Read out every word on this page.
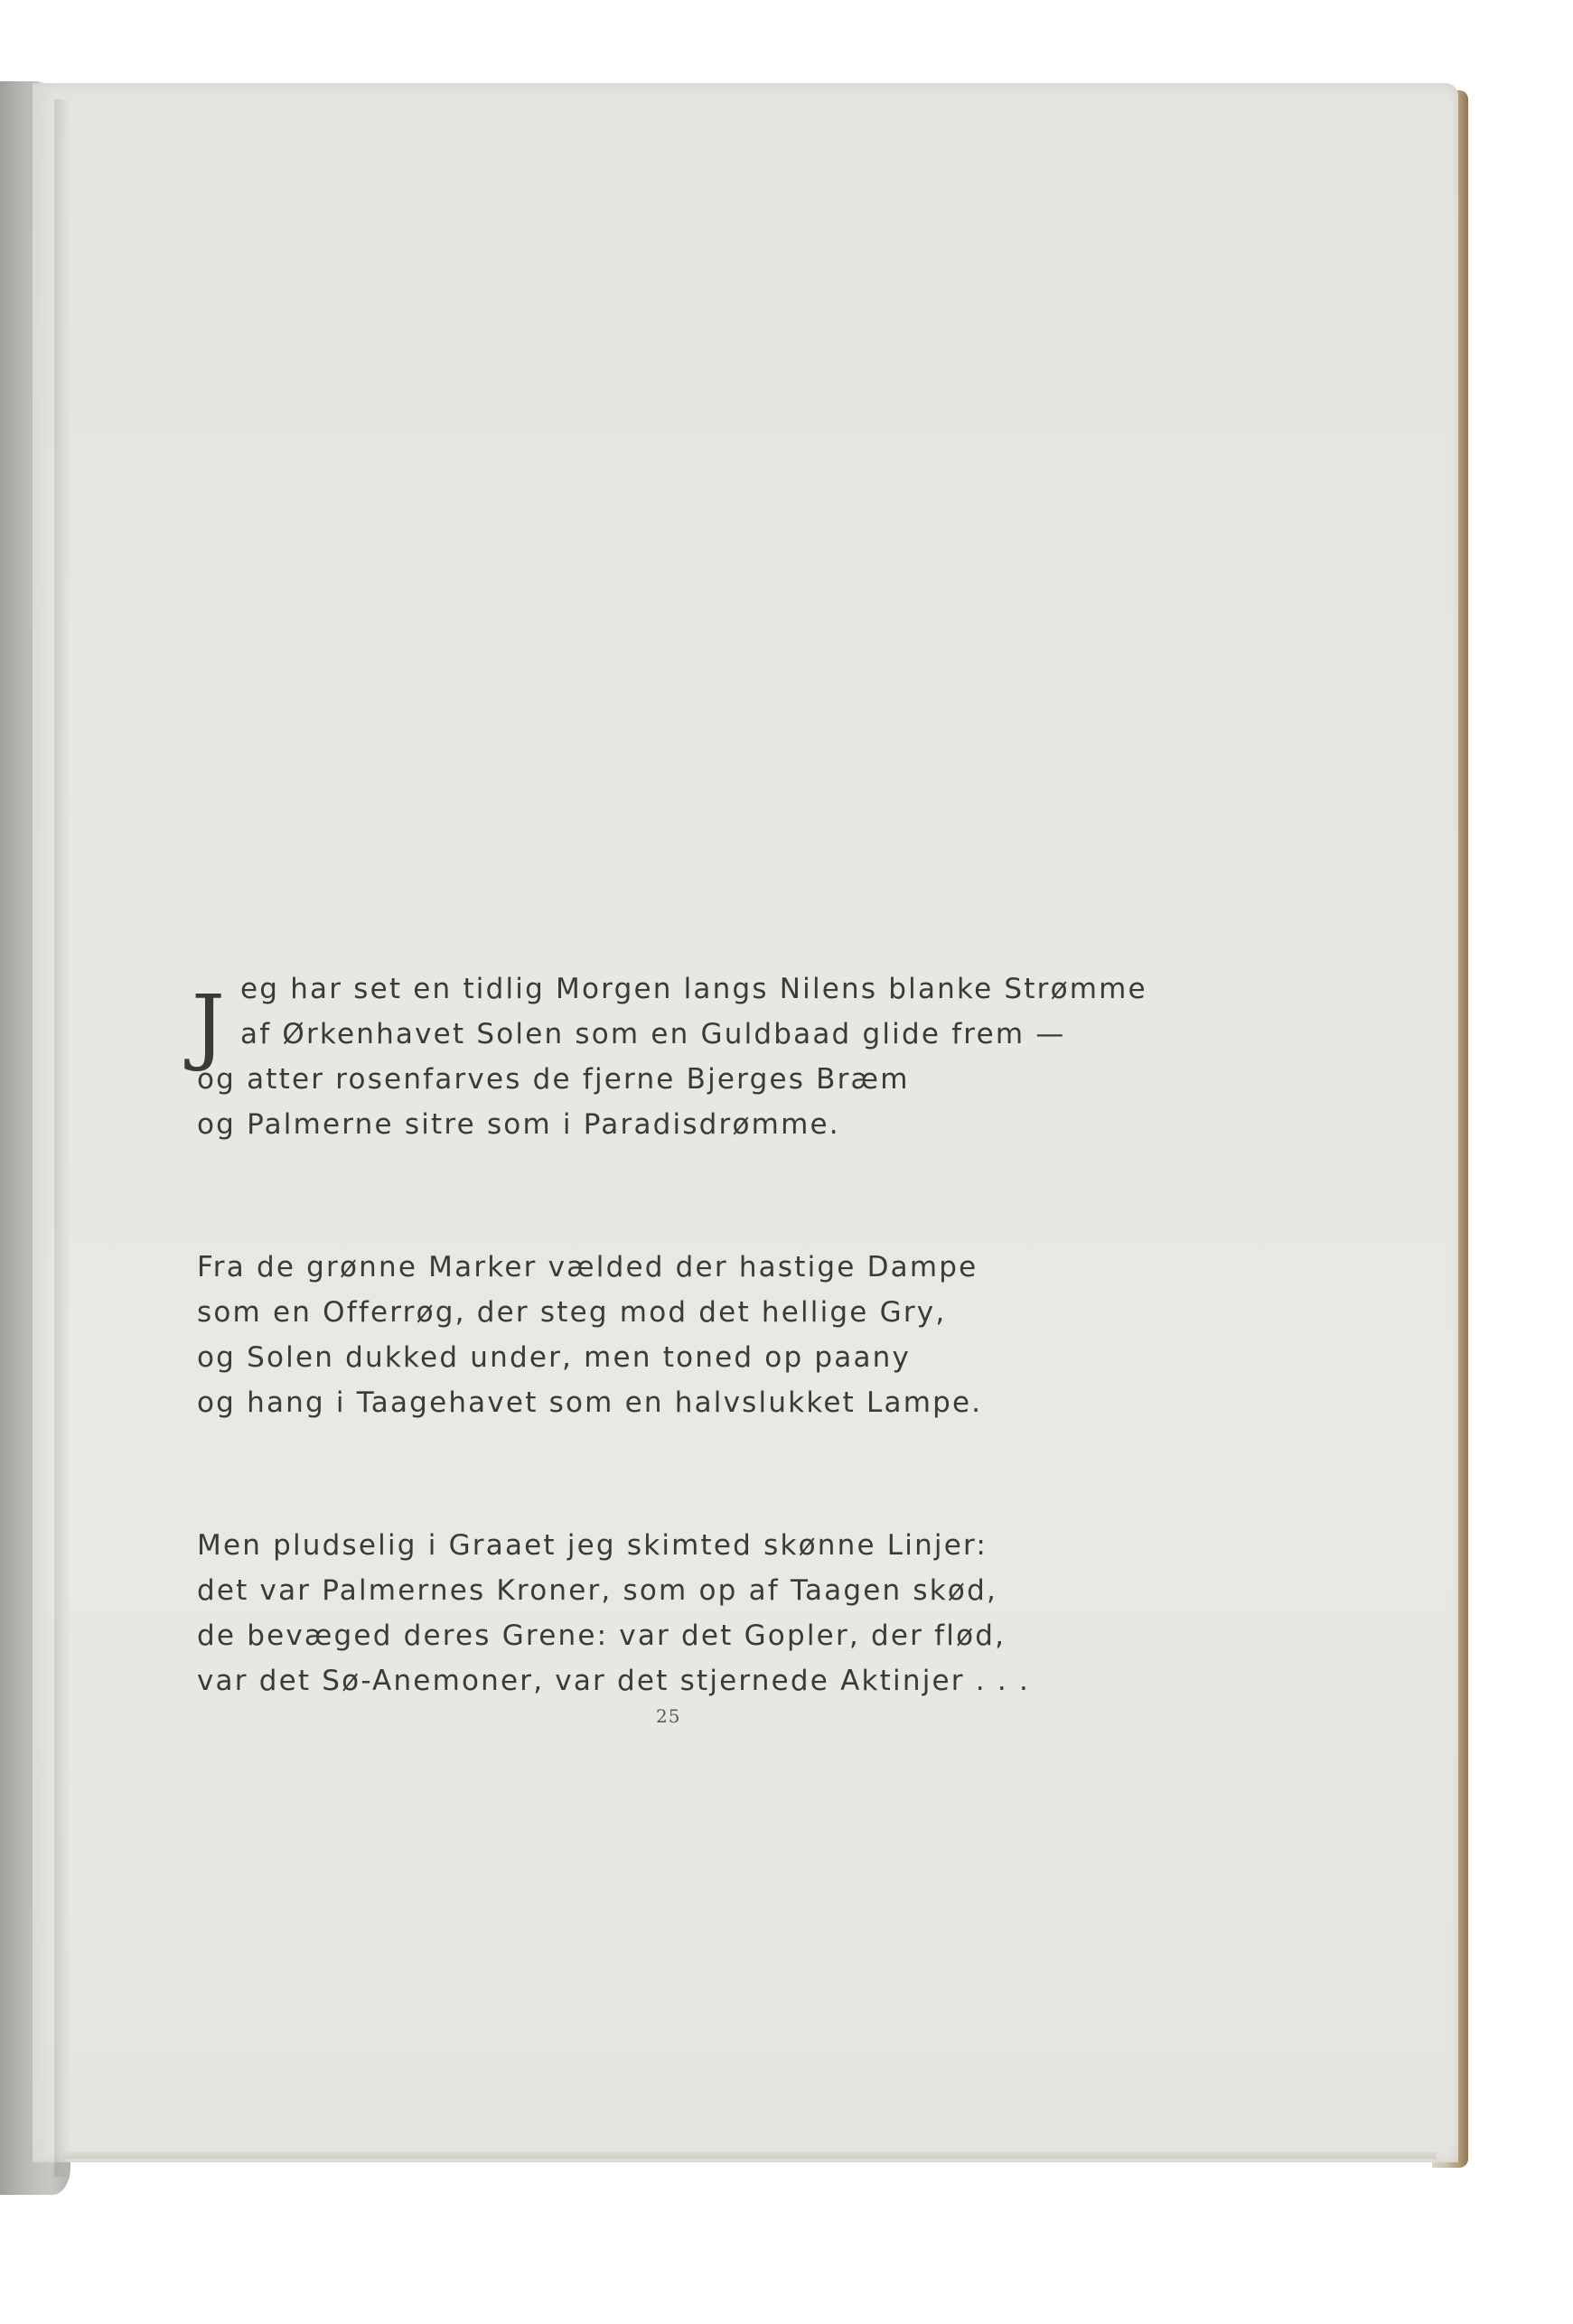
J eg har set en tidlig Morgen langs Nilens blanke Strømme
af Ørkenhavet Solen som en Guldbaad glide frem —
og atter rosenfarves de fjerne Bjerges Bræm
og Palmerne sitre som i Paradisdrømme.
Fra de grønne Marker vælded der hastige Dampe
som en Offerrøg, der steg mod det hellige Gry,
og Solen dukked under, men toned op paany
og hang i Taagehavet som en halvslukket Lampe.
Men pludselig i Graaet jeg skimted skønne Linjer:
det var Palmernes Kroner, som op af Taagen skød,
de bevæged deres Grene: var det Gopler, der flød,
var det Sø-Anemoner, var det stjernede Aktinjer . . .
25
